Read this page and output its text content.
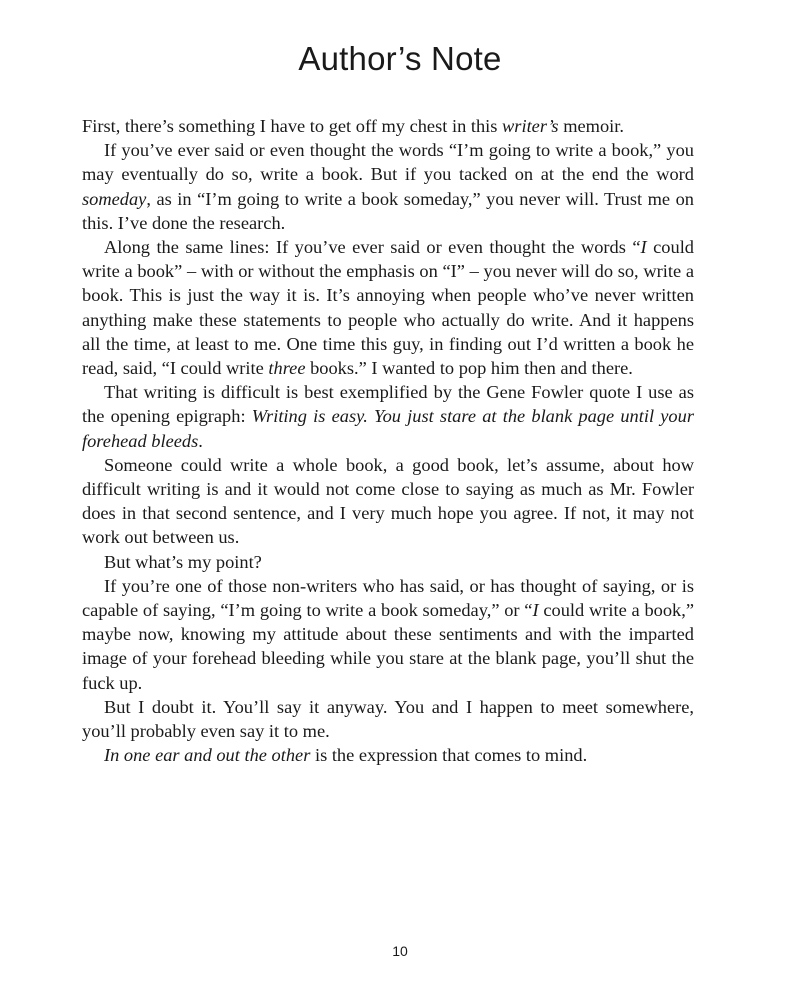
Author’s Note

First, there’s something I have to get off my chest in this writer’s memoir.

If you’ve ever said or even thought the words “I’m going to write a book,” you may eventually do so, write a book. But if you tacked on at the end the word someday, as in “I’m going to write a book someday,” you never will. Trust me on this. I’ve done the research.

Along the same lines: If you’ve ever said or even thought the words “I could write a book” – with or without the emphasis on “I” – you never will do so, write a book. This is just the way it is. It’s annoying when people who’ve never written anything make these statements to people who actually do write. And it happens all the time, at least to me. One time this guy, in finding out I’d written a book he read, said, “I could write three books.” I wanted to pop him then and there.

That writing is difficult is best exemplified by the Gene Fowler quote I use as the opening epigraph: Writing is easy. You just stare at the blank page until your forehead bleeds.

Someone could write a whole book, a good book, let’s assume, about how difficult writing is and it would not come close to saying as much as Mr. Fowler does in that second sentence, and I very much hope you agree. If not, it may not work out between us.

But what’s my point?

If you’re one of those non-writers who has said, or has thought of saying, or is capable of saying, “I’m going to write a book someday,” or “I could write a book,” maybe now, knowing my attitude about these sentiments and with the imparted image of your forehead bleeding while you stare at the blank page, you’ll shut the fuck up.

But I doubt it. You’ll say it anyway. You and I happen to meet somewhere, you’ll probably even say it to me.

In one ear and out the other is the expression that comes to mind.

10
